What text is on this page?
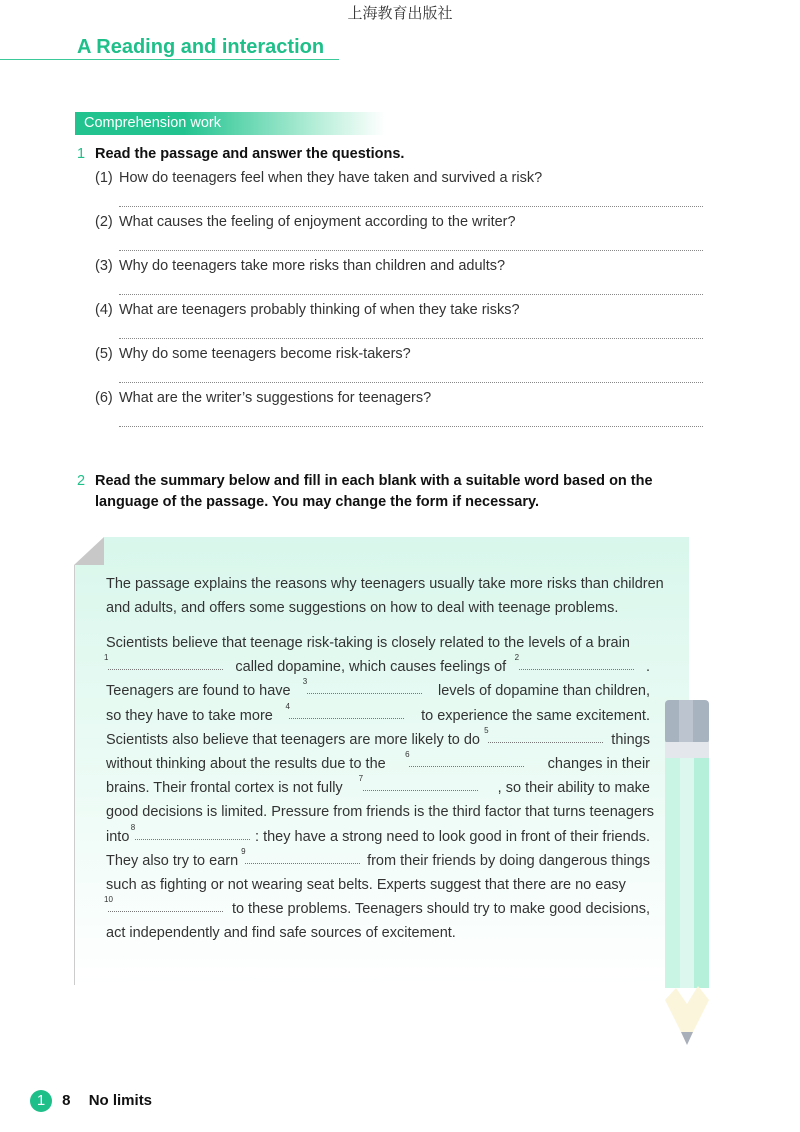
上海教育出版社
A Reading and interaction
Comprehension work
1 Read the passage and answer the questions.
(1) How do teenagers feel when they have taken and survived a risk?
(2) What causes the feeling of enjoyment according to the writer?
(3) Why do teenagers take more risks than children and adults?
(4) What are teenagers probably thinking of when they take risks?
(5) Why do some teenagers become risk-takers?
(6) What are the writer’s suggestions for teenagers?
2 Read the summary below and fill in each blank with a suitable word based on the language of the passage. You may change the form if necessary.
The passage explains the reasons why teenagers usually take more risks than children
and adults, and offers some suggestions on how to deal with teenage problems.
Scientists believe that teenage risk-taking is closely related to the levels of a brain
1
called dopamine, which causes feelings of
2
.
Teenagers are found to have
3
levels of dopamine than children,
so they have to take more
4
to experience the same excitement.
Scientists also believe that teenagers are more likely to do
5
things
without thinking about the results due to the
6
changes in their
brains. Their frontal cortex is not fully
7
, so their ability to make
good decisions is limited. Pressure from friends is the third factor that turns teenagers
into
8
: they have a strong need to look good in front of their friends.
They also try to earn
9
from their friends by doing dangerous things
such as fighting or not wearing seat belts. Experts suggest that there are no easy
10
to these problems. Teenagers should try to make good decisions,
act independently and find safe sources of excitement.
1 8 No limits
